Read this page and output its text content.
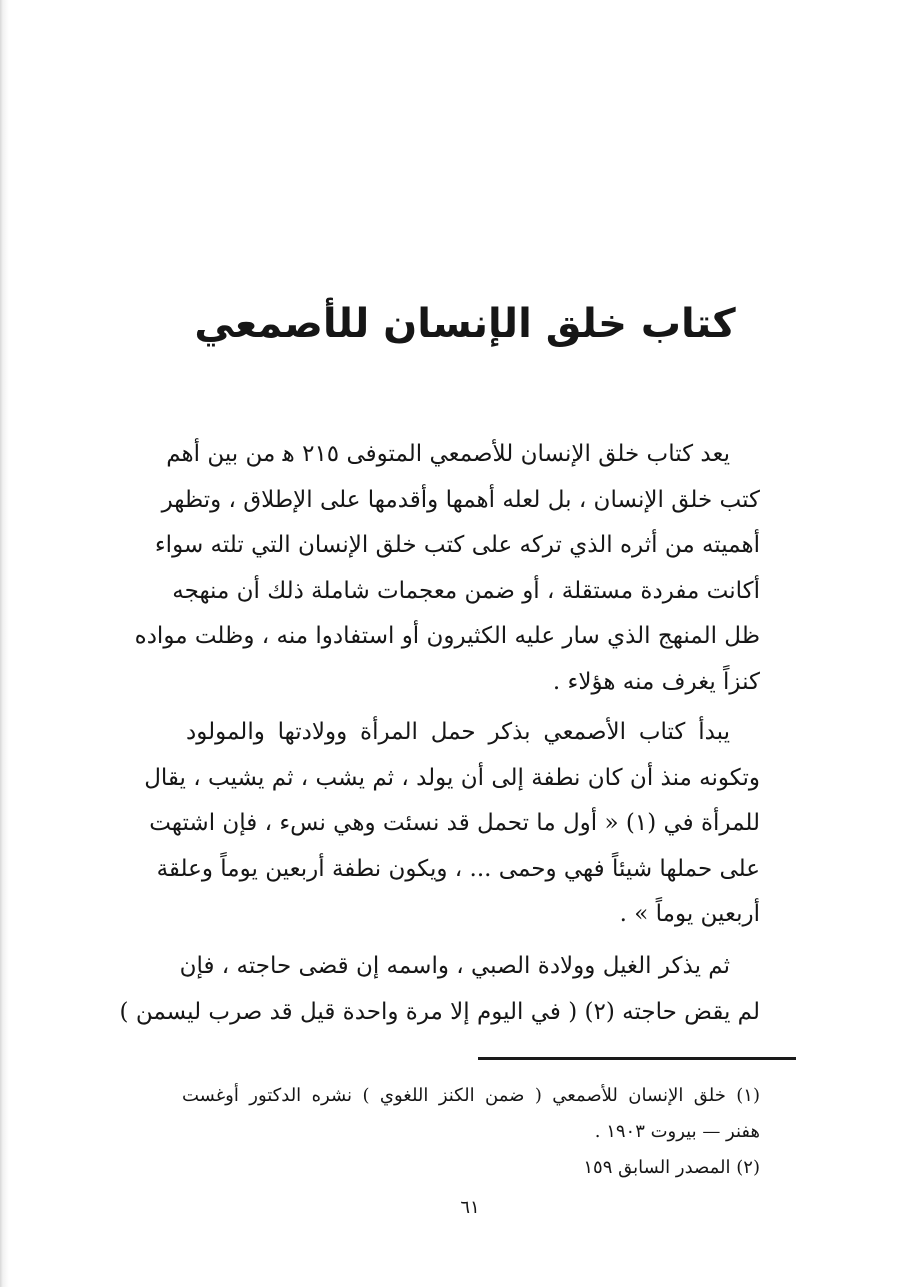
كتاب خلق الإنسان للأصمعي
يعد كتاب خلق الإنسان للأصمعي المتوفى ٢١٥ ﻫ من بين أهم
كتب خلق الإنسان ، بل لعله أهمها وأقدمها على الإطلاق ، وتظهر
أهميته من أثره الذي تركه على كتب خلق الإنسان التي تلته سواء
أكانت مفردة مستقلة ، أو ضمن معجمات شاملة ذلك أن منهجه
ظل المنهج الذي سار عليه الكثيرون أو استفادوا منه ، وظلت مواده
كنزاً يغرف منه هؤلاء .
يبدأ كتاب الأصمعي بذكر حمل المرأة وولادتها والمولود
وتكونه منذ أن كان نطفة إلى أن يولد ، ثم يشب ، ثم يشيب ، يقال
للمرأة في (١) « أول ما تحمل قد نسئت وهي نسء ، فإن اشتهت
على حملها شيئاً فهي وحمى ... ، ويكون نطفة أربعين يوماً وعلقة
أربعين يوماً » .
ثم يذكر الغيل وولادة الصبي ، واسمه إن قضى حاجته ، فإن
لم يقض حاجته (٢) ( في اليوم إلا مرة واحدة قيل قد صرب ليسمن )
(١) خلق الإنسان للأصمعي ( ضمن الكنز اللغوي ) نشره الدكتور أوغست
هفنر — بيروت ١٩٠٣ .
(٢) المصدر السابق ١٥٩
٦١
